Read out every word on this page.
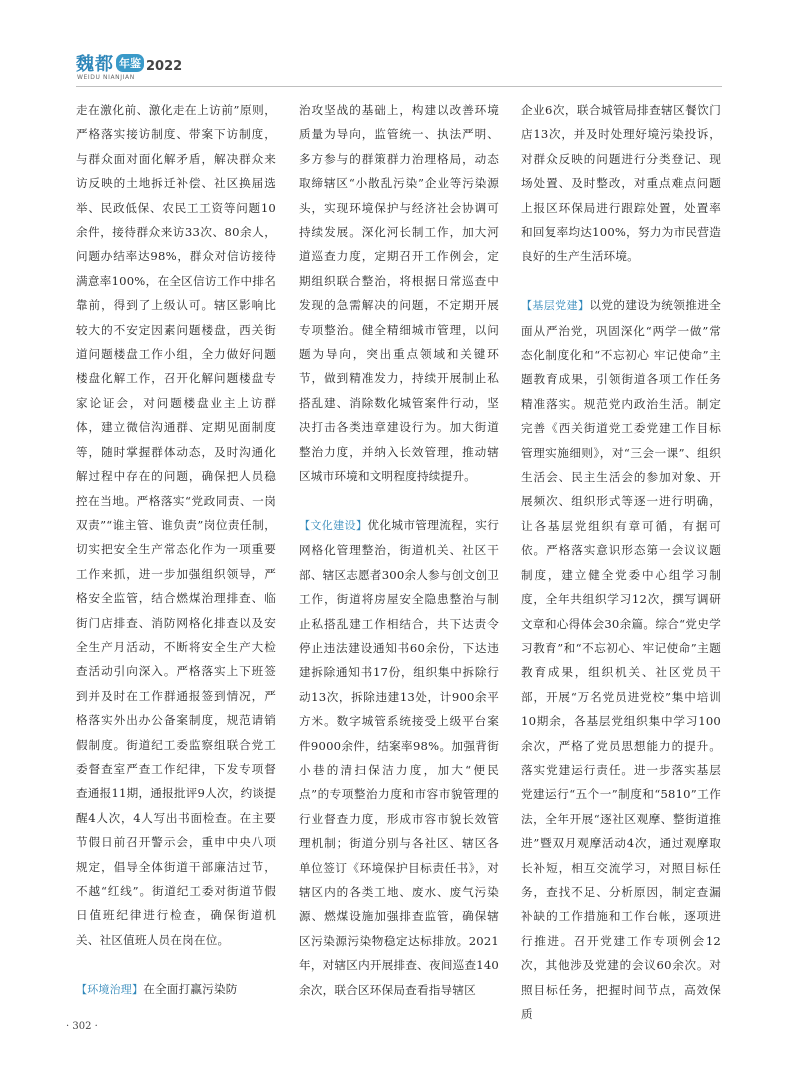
魏都 年鉴 2022
WEIDU NIANJIAN

走在激化前、激化走在上访前”原则，严格落实接访制度、带案下访制度，与群众面对面化解矛盾，解决群众来访反映的土地拆迁补偿、社区换届选举、民政低保、农民工工资等问题10余件，接待群众来访33次、80余人，问题办结率达98%，群众对信访接待满意率100%，在全区信访工作中排名靠前，得到了上级认可。辖区影响比较大的不安定因素问题楼盘，西关街道问题楼盘工作小组，全力做好问题楼盘化解工作，召开化解问题楼盘专家论证会，对问题楼盘业主上访群体，建立微信沟通群、定期见面制度等，随时掌握群体动态，及时沟通化解过程中存在的问题，确保把人员稳控在当地。严格落实“党政同责、一岗双责”“谁主管、谁负责”岗位责任制，切实把安全生产常态化作为一项重要工作来抓，进一步加强组织领导，严格安全监管，结合燃煤治理排查、临街门店排查、消防网格化排查以及安全生产月活动，不断将安全生产大检查活动引向深入。严格落实上下班签到并及时在工作群通报签到情况，严格落实外出办公备案制度，规范请销假制度。街道纪工委监察组联合党工委督查室严查工作纪律，下发专项督查通报11期，通报批评9人次，约谈提醒4人次，4人写出书面检查。在主要节假日前召开警示会，重申中央八项规定，倡导全体街道干部廉洁过节，不越“红线”。街道纪工委对街道节假日值班纪律进行检查，确保街道机关、社区值班人员在岗在位。

【环境治理】在全面打赢污染防

治攻坚战的基础上，构建以改善环境质量为导向，监管统一、执法严明、多方参与的群策群力治理格局，动态取缔辖区“小散乱污染”企业等污染源头，实现环境保护与经济社会协调可持续发展。深化河长制工作，加大河道巡查力度，定期召开工作例会，定期组织联合整治，将根据日常巡查中发现的急需解决的问题，不定期开展专项整治。健全精细城市管理，以问题为导向，突出重点领域和关键环节，做到精准发力，持续开展制止私搭乱建、消除数化城管案件行动，坚决打击各类违章建设行为。加大街道整治力度，并纳入长效管理，推动辖区城市环境和文明程度持续提升。

【文化建设】优化城市管理流程，实行网格化管理整治，街道机关、社区干部、辖区志愿者300余人参与创文创卫工作，街道将房屋安全隐患整治与制止私搭乱建工作相结合，共下达责令停止违法建设通知书60余份，下达违建拆除通知书17份，组织集中拆除行动13次，拆除违建13处，计900余平方米。数字城管系统接受上级平台案件9000余件，结案率98%。加强背街小巷的清扫保洁力度，加大“便民点”的专项整治力度和市容市貌管理的行业督查力度，形成市容市貌长效管理机制；街道分别与各社区、辖区各单位签订《环境保护目标责任书》，对辖区内的各类工地、废水、废气污染源、燃煤设施加强排查监管，确保辖区污染源污染物稳定达标排放。2021年，对辖区内开展排查、夜间巡查140余次，联合区环保局查看指导辖区

企业6次，联合城管局排查辖区餐饮门店13次，并及时处理好境污染投诉，对群众反映的问题进行分类登记、现场处置、及时整改，对重点难点问题上报区环保局进行跟踪处置，处置率和回复率均达100%，努力为市民营造良好的生产生活环境。

【基层党建】以党的建设为统领推进全面从严治党，巩固深化“两学一做”常态化制度化和“不忘初心 牢记使命”主题教育成果，引领街道各项工作任务精准落实。规范党内政治生活。制定完善《西关街道党工委党建工作目标管理实施细则》，对“三会一课”、组织生活会、民主生活会的参加对象、开展频次、组织形式等逐一进行明确，让各基层党组织有章可循，有据可依。严格落实意识形态第一会议议题制度，建立健全党委中心组学习制度，全年共组织学习12次，撰写调研文章和心得体会30余篇。综合“党史学习教育”和“不忘初心、牢记使命”主题教育成果，组织机关、社区党员干部，开展“万名党员进党校”集中培训10期余，各基层党组织集中学习100余次，严格了党员思想能力的提升。落实党建运行责任。进一步落实基层党建运行“五个一”制度和“5810”工作法，全年开展“逐社区观摩、整街道推进”暨双月观摩活动4次，通过观摩取长补短，相互交流学习，对照目标任务，查找不足、分析原因，制定查漏补缺的工作措施和工作台帐，逐项进行推进。召开党建工作专项例会12次，其他涉及党建的会议60余次。对照目标任务，把握时间节点，高效保质

· 302 ·
